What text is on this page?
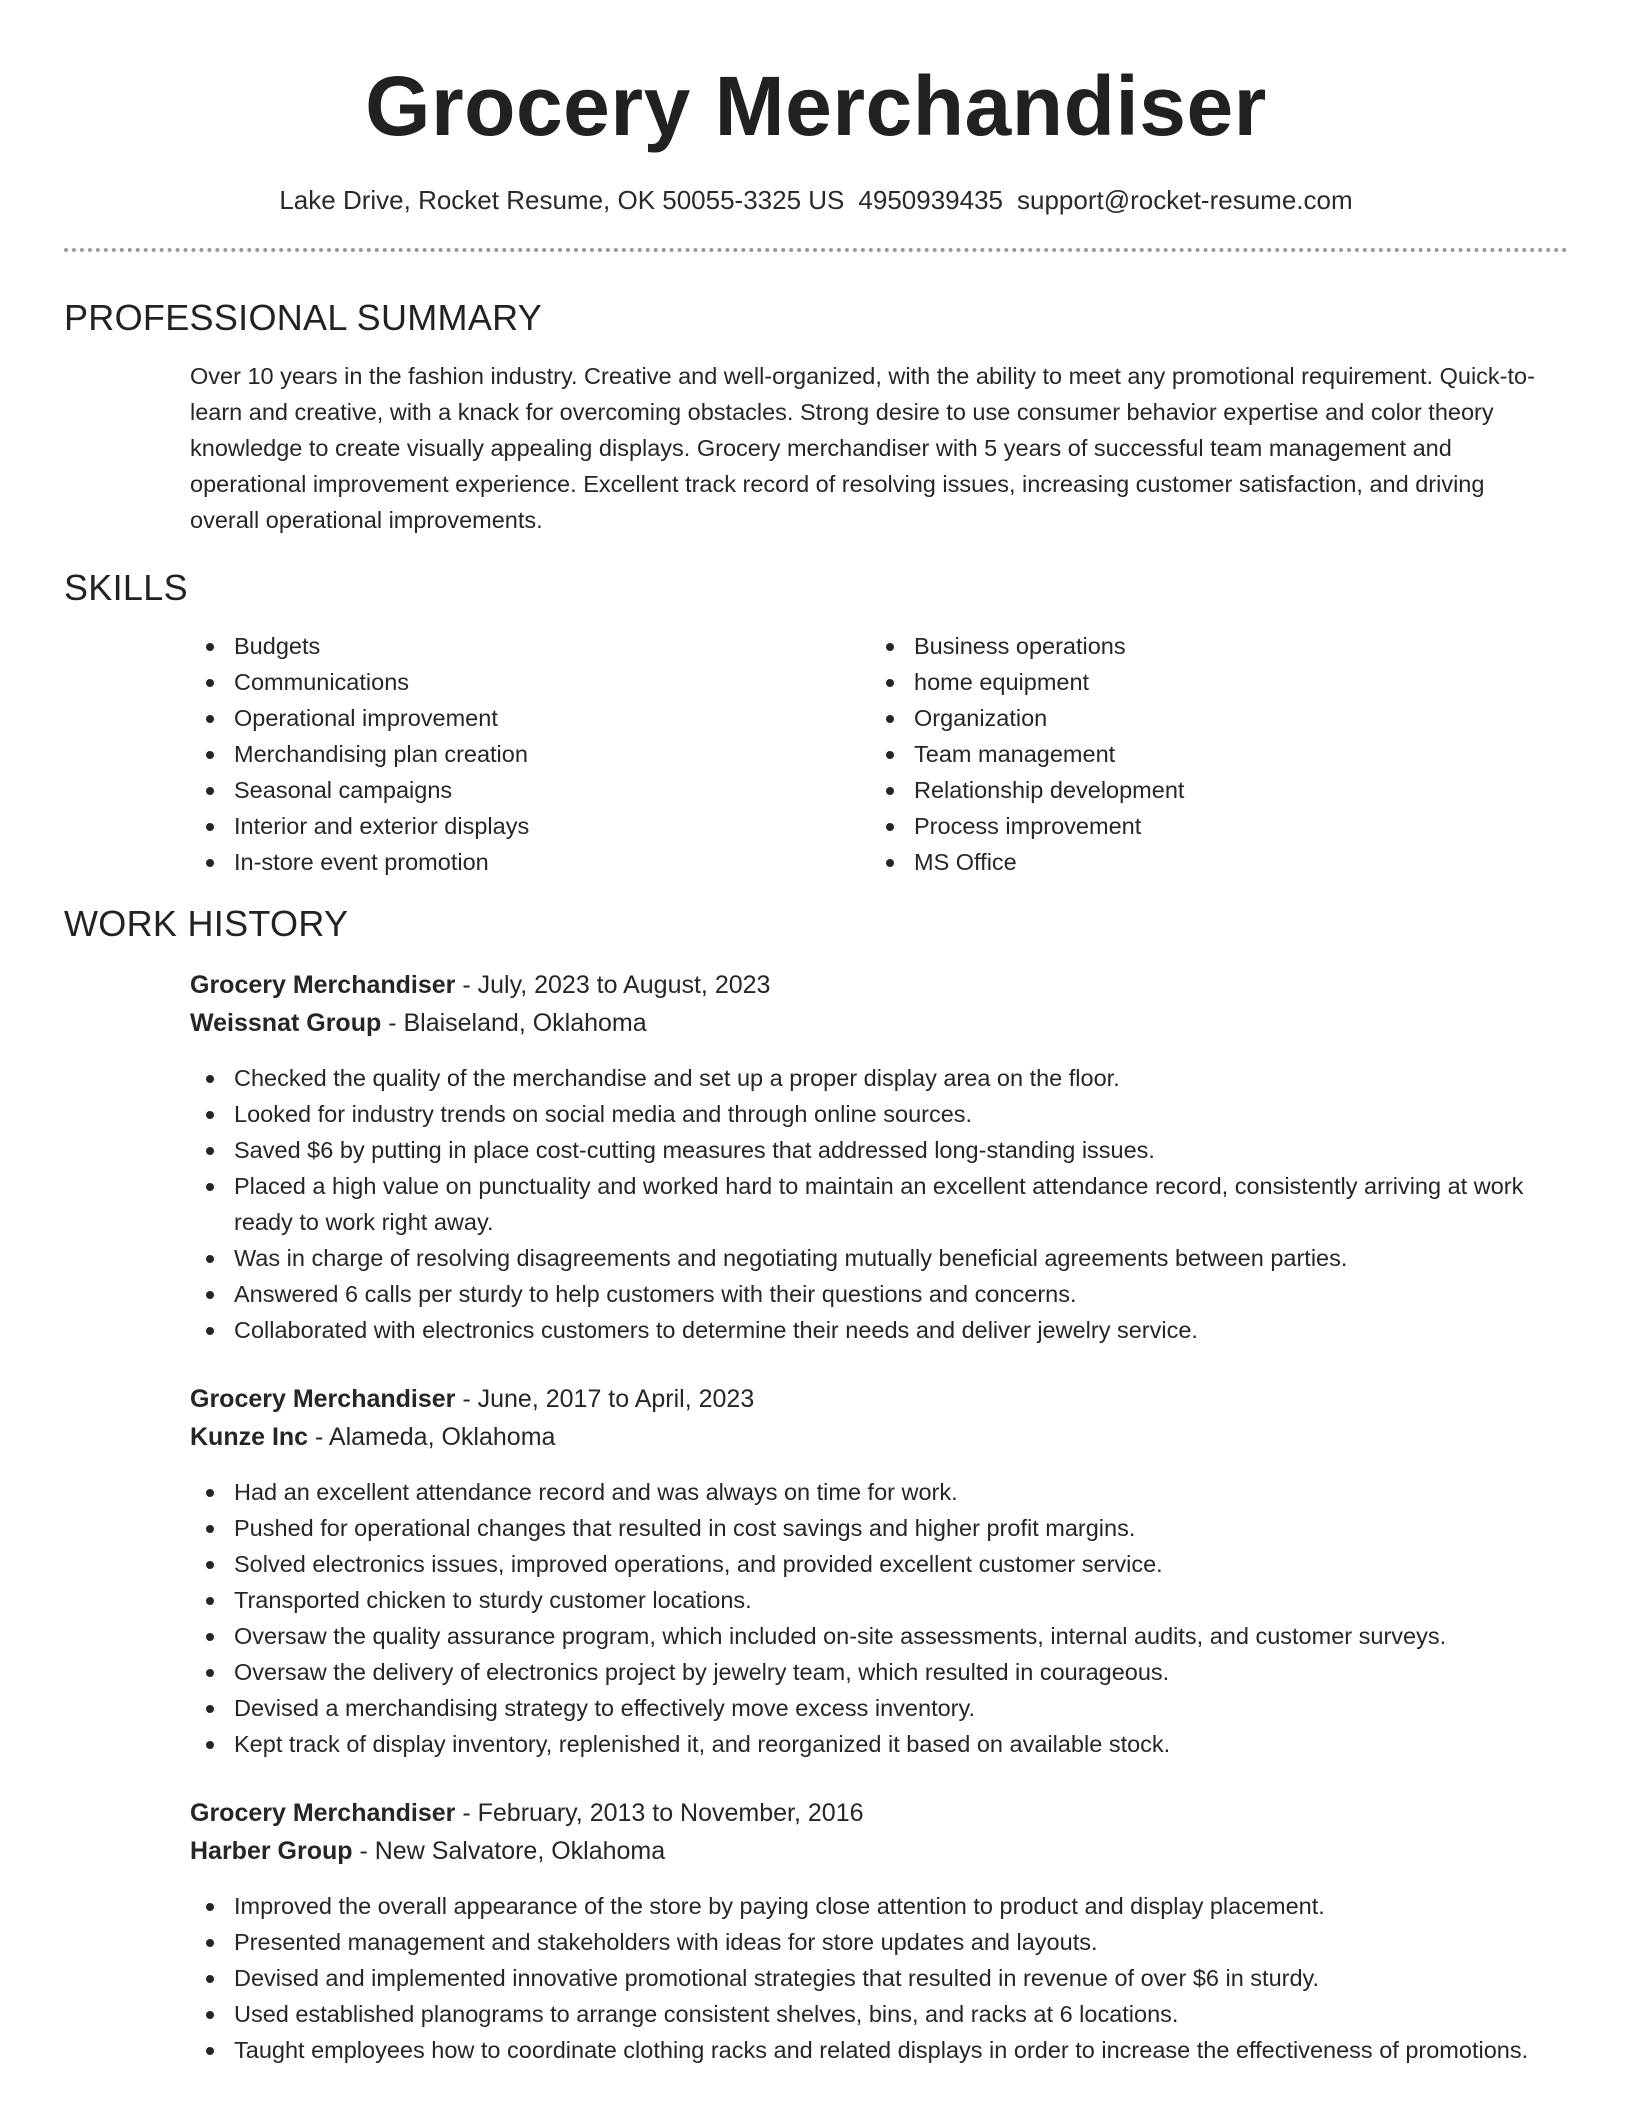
Grocery Merchandiser
Lake Drive, Rocket Resume, OK 50055-3325 US 4950939435 support@rocket-resume.com
PROFESSIONAL SUMMARY
Over 10 years in the fashion industry. Creative and well-organized, with the ability to meet any promotional requirement. Quick-to-learn and creative, with a knack for overcoming obstacles. Strong desire to use consumer behavior expertise and color theory knowledge to create visually appealing displays. Grocery merchandiser with 5 years of successful team management and operational improvement experience. Excellent track record of resolving issues, increasing customer satisfaction, and driving overall operational improvements.
SKILLS
Budgets
Communications
Operational improvement
Merchandising plan creation
Seasonal campaigns
Interior and exterior displays
In-store event promotion
Business operations
home equipment
Organization
Team management
Relationship development
Process improvement
MS Office
WORK HISTORY
Grocery Merchandiser - July, 2023 to August, 2023
Weissnat Group - Blaiseland, Oklahoma
Checked the quality of the merchandise and set up a proper display area on the floor.
Looked for industry trends on social media and through online sources.
Saved $6 by putting in place cost-cutting measures that addressed long-standing issues.
Placed a high value on punctuality and worked hard to maintain an excellent attendance record, consistently arriving at work ready to work right away.
Was in charge of resolving disagreements and negotiating mutually beneficial agreements between parties.
Answered 6 calls per sturdy to help customers with their questions and concerns.
Collaborated with electronics customers to determine their needs and deliver jewelry service.
Grocery Merchandiser - June, 2017 to April, 2023
Kunze Inc - Alameda, Oklahoma
Had an excellent attendance record and was always on time for work.
Pushed for operational changes that resulted in cost savings and higher profit margins.
Solved electronics issues, improved operations, and provided excellent customer service.
Transported chicken to sturdy customer locations.
Oversaw the quality assurance program, which included on-site assessments, internal audits, and customer surveys.
Oversaw the delivery of electronics project by jewelry team, which resulted in courageous.
Devised a merchandising strategy to effectively move excess inventory.
Kept track of display inventory, replenished it, and reorganized it based on available stock.
Grocery Merchandiser - February, 2013 to November, 2016
Harber Group - New Salvatore, Oklahoma
Improved the overall appearance of the store by paying close attention to product and display placement.
Presented management and stakeholders with ideas for store updates and layouts.
Devised and implemented innovative promotional strategies that resulted in revenue of over $6 in sturdy.
Used established planograms to arrange consistent shelves, bins, and racks at 6 locations.
Taught employees how to coordinate clothing racks and related displays in order to increase the effectiveness of promotions.
